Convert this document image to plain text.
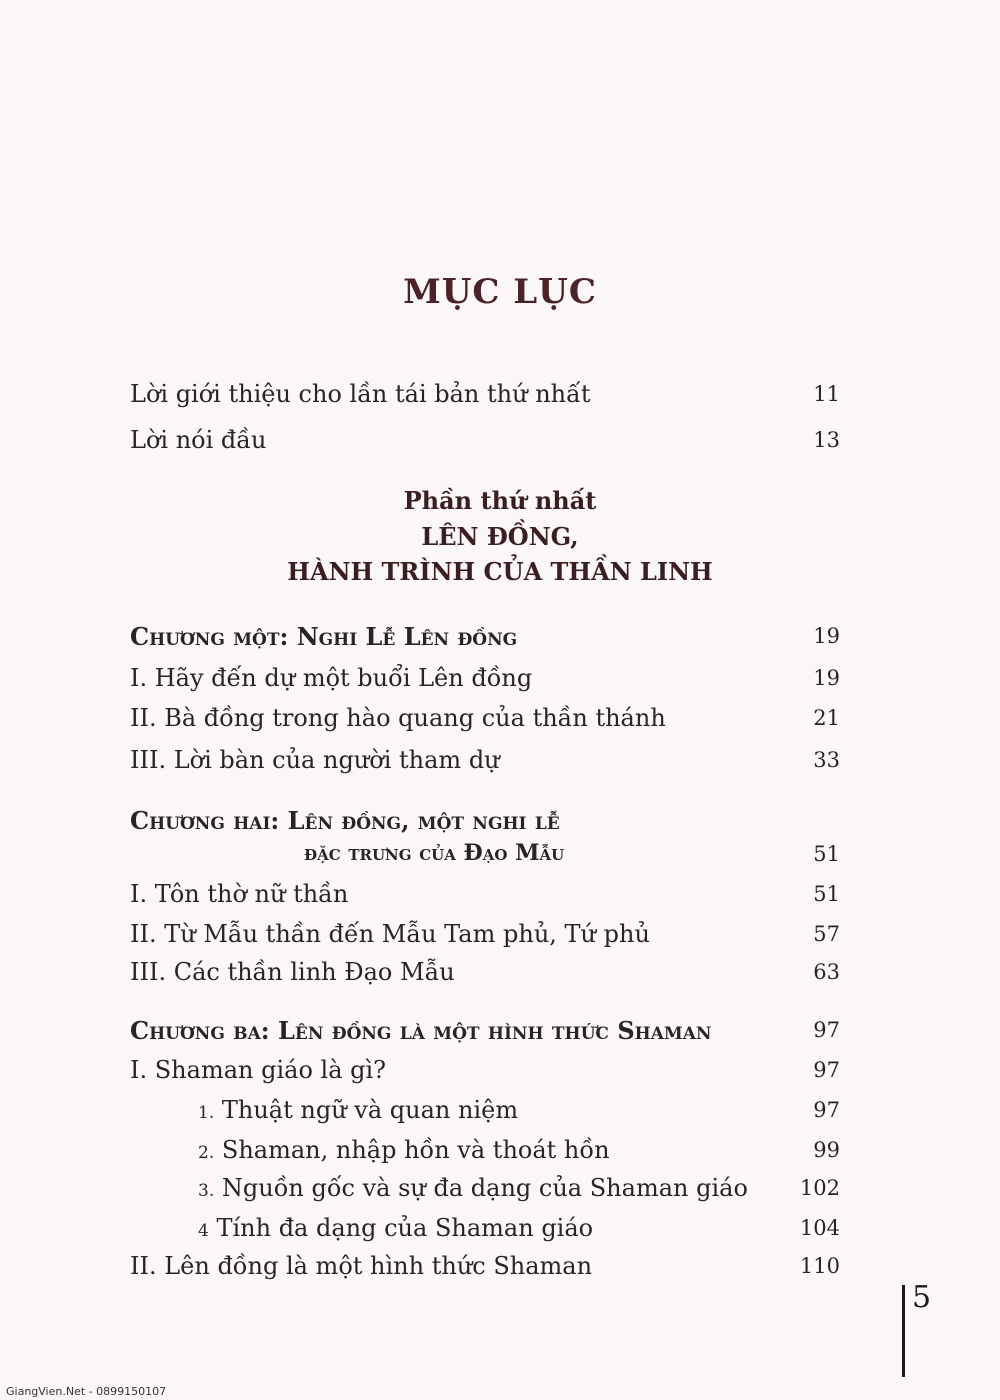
MỤC LỤC
Lời giới thiệu cho lần tái bản thứ nhất	11
Lời nói đầu	13
Phần thứ nhất
LÊN ĐỒNG,
HÀNH TRÌNH CỦA THẦN LINH
Chương một: Nghi Lễ Lên đồng	19
I. Hãy đến dự một buổi Lên đồng	19
II. Bà đồng trong hào quang của thần thánh	21
III. Lời bàn của người tham dự	33
Chương hai: Lên đồng, một nghi lễ
đặc trưng của Đạo Mẫu	51
I. Tôn thờ nữ thần	51
II. Từ Mẫu thần đến Mẫu Tam phủ, Tứ phủ	57
III. Các thần linh Đạo Mẫu	63
Chương ba: Lên đồng là một hình thức Shaman	97
I. Shaman giáo là gì?	97
1. Thuật ngữ và quan niệm	97
2. Shaman, nhập hồn và thoát hồn	99
3. Nguồn gốc và sự đa dạng của Shaman giáo 102
4 Tính đa dạng của Shaman giáo	104
II. Lên đồng là một hình thức Shaman	110
5
GiangVien.Net - 0899150107
